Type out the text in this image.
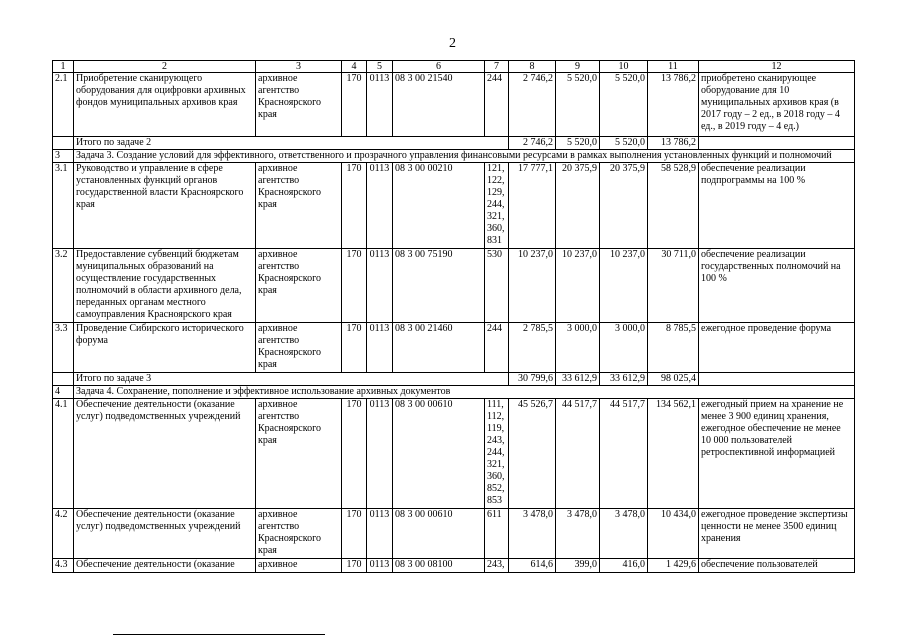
2
1	2	3	4	5	6	7	8	9	10	11	12
2.1	Приобретение сканирующего оборудования для оцифровки архивных фондов муниципальных архивов края	архивное агентство Красноярского края	170	0113	08 3 00 21540	244	2 746,2	5 520,0	5 520,0	13 786,2	приобретено сканирующее оборудование для 10 муниципальных архивов края (в 2017 году – 2 ед., в 2018 году – 4 ед., в 2019 году – 4 ед.)
	Итого по задаче 2						2 746,2	5 520,0	5 520,0	13 786,2	
3	Задача 3. Создание условий для эффективного, ответственного и прозрачного управления финансовыми ресурсами в рамках выполнения установленных функций и полномочий										
3.1	Руководство и управление в сфере установленных функций органов государственной власти Красноярского края	архивное агентство Красноярского края	170	0113	08 3 00 00210	121, 122, 129, 244, 321, 360, 831	17 777,1	20 375,9	20 375,9	58 528,9	обеспечение реализации подпрограммы на 100 %
3.2	Предоставление субвенций бюджетам муниципальных образований на осуществление государственных полномочий в области архивного дела, переданных органам местного самоуправления Красноярского края	архивное агентство Красноярского края	170	0113	08 3 00 75190	530	10 237,0	10 237,0	10 237,0	30 711,0	обеспечение реализации государственных полномочий на 100 %
3.3	Проведение Сибирского исторического форума	архивное агентство Красноярского края	170	0113	08 3 00 21460	244	2 785,5	3 000,0	3 000,0	8 785,5	ежегодное проведение форума
	Итого по задаче 3						30 799,6	33 612,9	33 612,9	98 025,4	
4	Задача 4. Сохранение, пополнение и эффективное использование архивных документов										
4.1	Обеспечение деятельности (оказание услуг) подведомственных учреждений	архивное агентство Красноярского края	170	0113	08 3 00 00610	111, 112, 119, 243, 244, 321, 360, 852, 853	45 526,7	44 517,7	44 517,7	134 562,1	ежегодный прием на хранение не менее 3 900 единиц хранения, ежегодное обеспечение не менее 10 000 пользователей ретроспективной информацией
4.2	Обеспечение деятельности (оказание услуг) подведомственных учреждений	архивное агентство Красноярского края	170	0113	08 3 00 00610	611	3 478,0	3 478,0	3 478,0	10 434,0	ежегодное проведение экспертизы ценности не менее 3500 единиц хранения
4.3	Обеспечение деятельности (оказание	архивное	170	0113	08 3 00 08100	243,	614,6	399,0	416,0	1 429,6	обеспечение пользователей
